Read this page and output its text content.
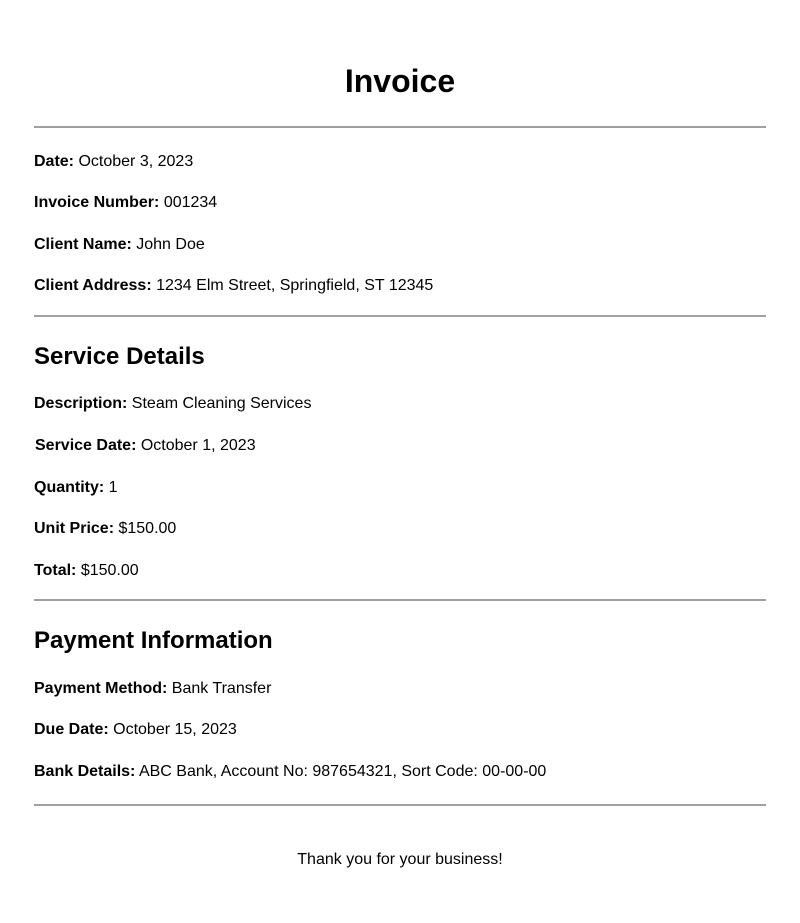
Invoice
Date: October 3, 2023
Invoice Number: 001234
Client Name: John Doe
Client Address: 1234 Elm Street, Springfield, ST 12345
Service Details
Description: Steam Cleaning Services
Service Date: October 1, 2023
Quantity: 1
Unit Price: $150.00
Total: $150.00
Payment Information
Payment Method: Bank Transfer
Due Date: October 15, 2023
Bank Details: ABC Bank, Account No: 987654321, Sort Code: 00-00-00
Thank you for your business!
